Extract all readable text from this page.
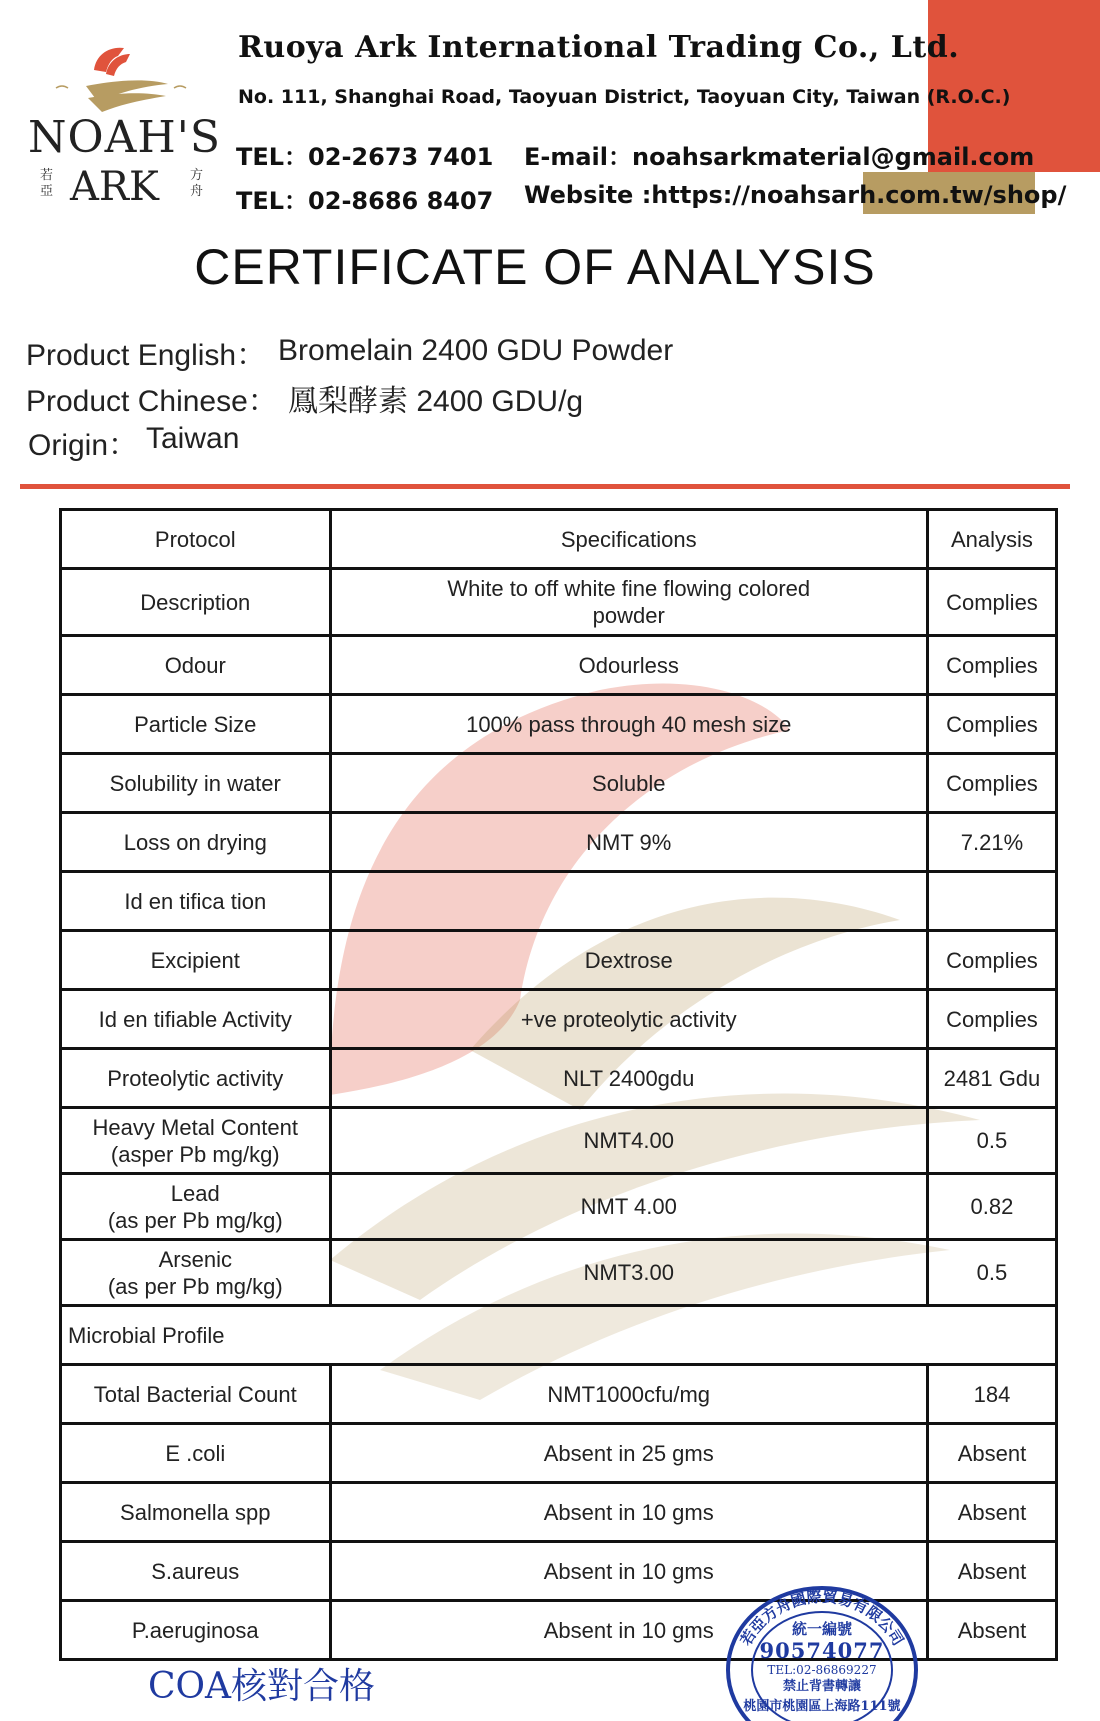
NOAH'S
ARK
若亞
方舟
Ruoya Ark International Trading Co., Ltd.
No. 111, Shanghai Road, Taoyuan District, Taoyuan City, Taiwan (R.O.C.)
TEL：02-2673 7401
TEL：02-8686 8407
E-mail：noahsarkmaterial@gmail.com
Website :https://noahsarh.com.tw/shop/
CERTIFICATE OF ANALYSIS
Product English： Bromelain 2400 GDU Powder
Product Chinese： 鳳梨酵素 2400 GDU/g
Origin： Taiwan
Protocol	Specifications	Analysis
Description	White to off white fine flowing colored powder	Complies
Odour	Odourless	Complies
Particle Size	100% pass through 40 mesh size	Complies
Solubility in water	Soluble	Complies
Loss on drying	NMT 9%	7.21%
Id en tifica tion		
Excipient	Dextrose	Complies
Id en tifiable Activity	+ve proteolytic activity	Complies
Proteolytic activity	NLT 2400gdu	2481 Gdu

Heavy Metal Content
(asper Pb mg/kg)	NMT4.00	0.5

Lead
(as per Pb mg/kg)	NMT 4.00	0.82

Arsenic
(as per Pb mg/kg)	NMT3.00	0.5
Microbial Profile		
Total Bacterial Count	NMT1000cfu/mg	184
E .coli	Absent in 25 gms	Absent
Salmonella spp	Absent in 10 gms	Absent
S.aureus	Absent in 10 gms	Absent
P.aeruginosa	Absent in 10 gms	Absent
若亞方舟國際貿易有限公司
統一編號
90574077
TEL:02-86869227
禁止背書轉讓
桃園市桃園區上海路111號
COA核對合格
